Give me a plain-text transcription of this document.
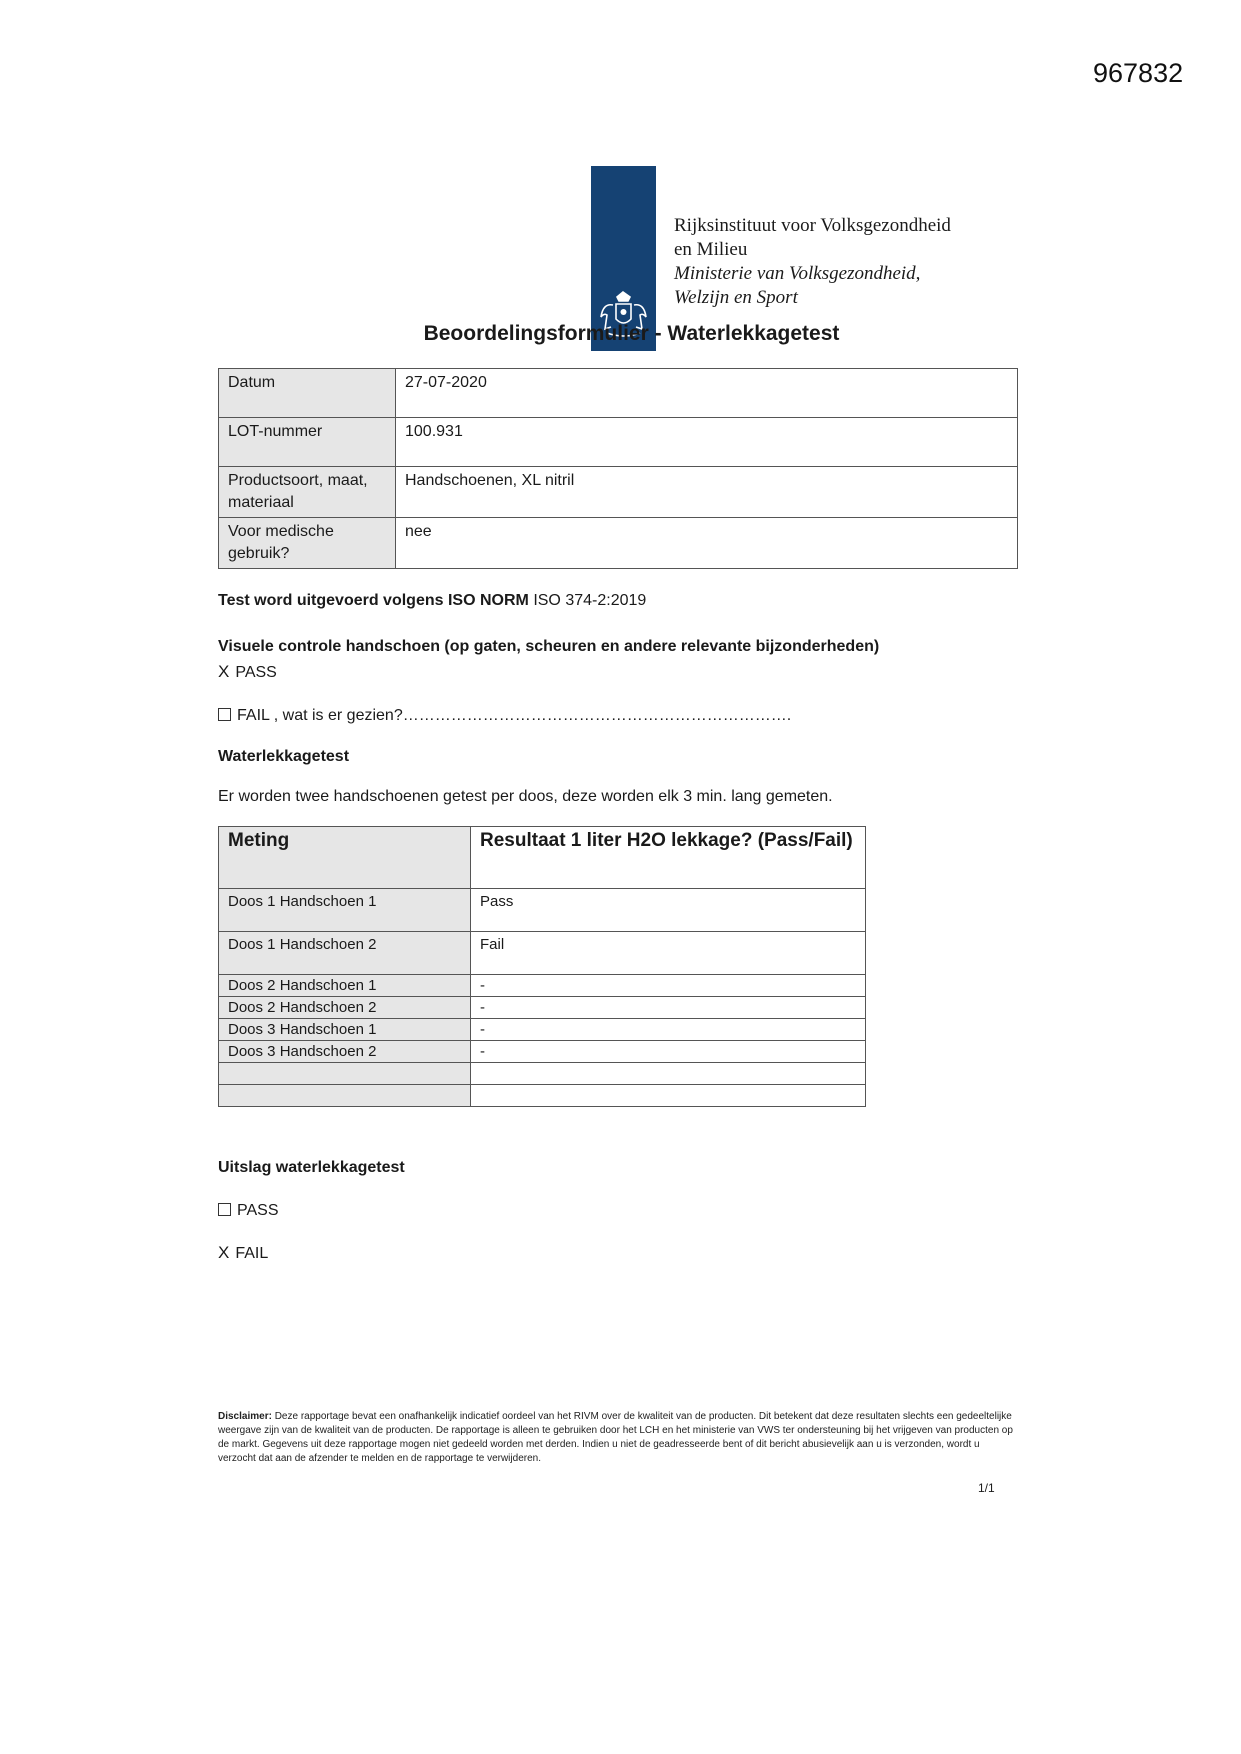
967832
Rijksinstituut voor Volksgezondheid
en Milieu
Ministerie van Volksgezondheid,
Welzijn en Sport
Beoordelingsformulier - Waterlekkagetest
Datum	27-07-2020
LOT-nummer	100.931
Productsoort, maat, materiaal	Handschoenen, XL nitril
Voor medische gebruik?	nee
Test word uitgevoerd volgens ISO NORM ISO 374-2:2019
Visuele controle handschoen (op gaten, scheuren en andere relevante bijzonderheden)
X PASS
FAIL , wat is er gezien?……………………………………………………………….
Waterlekkagetest
Er worden twee handschoenen getest per doos, deze worden elk 3 min. lang gemeten.
Meting	Resultaat 1 liter H2O lekkage? (Pass/Fail)
Doos 1 Handschoen 1	Pass
Doos 1 Handschoen 2	Fail
Doos 2 Handschoen 1	-
Doos 2 Handschoen 2	-
Doos 3 Handschoen 1	-
Doos 3 Handschoen 2	-

Uitslag waterlekkagetest
PASS
X FAIL
Disclaimer: Deze rapportage bevat een onafhankelijk indicatief oordeel van het RIVM over de kwaliteit van de producten. Dit betekent dat deze resultaten slechts een gedeeltelijke weergave zijn van de kwaliteit van de producten. De rapportage is alleen te gebruiken door het LCH en het ministerie van VWS ter ondersteuning bij het vrijgeven van producten op de markt. Gegevens uit deze rapportage mogen niet gedeeld worden met derden. Indien u niet de geadresseerde bent of dit bericht abusievelijk aan u is verzonden, wordt u verzocht dat aan de afzender te melden en de rapportage te verwijderen.
1/1
